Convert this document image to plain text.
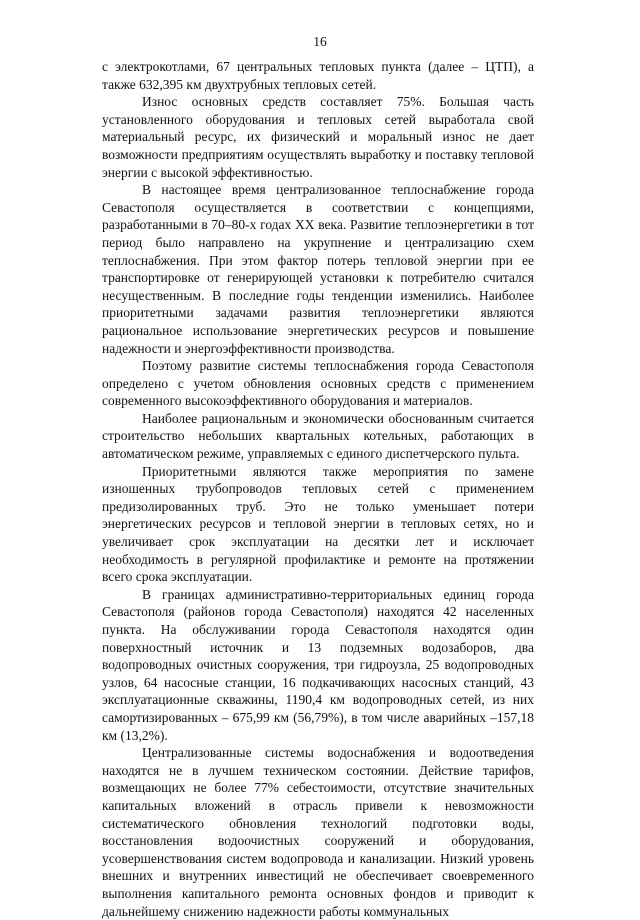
16

с электрокотлами, 67 центральных тепловых пункта (далее – ЦТП), а также 632,395 км двухтрубных тепловых сетей.

Износ основных средств составляет 75%. Большая часть установленного оборудования и тепловых сетей выработала свой материальный ресурс, их физический и моральный износ не дает возможности предприятиям осуществлять выработку и поставку тепловой энергии с высокой эффективностью.

В настоящее время централизованное теплоснабжение города Севастополя осуществляется в соответствии с концепциями, разработанными в 70–80-х годах XX века. Развитие теплоэнергетики в тот период было направлено на укрупнение и централизацию схем теплоснабжения. При этом фактор потерь тепловой энергии при ее транспортировке от генерирующей установки к потребителю считался несущественным. В последние годы тенденции изменились. Наиболее приоритетными задачами развития теплоэнергетики являются рациональное использование энергетических ресурсов и повышение надежности и энергоэффективности производства.

Поэтому развитие системы теплоснабжения города Севастополя определено с учетом обновления основных средств с применением современного высокоэффективного оборудования и материалов.

Наиболее рациональным и экономически обоснованным считается строительство небольших квартальных котельных, работающих в автоматическом режиме, управляемых с единого диспетчерского пульта.

Приоритетными являются также мероприятия по замене изношенных трубопроводов тепловых сетей с применением предизолированных труб. Это не только уменьшает потери энергетических ресурсов и тепловой энергии в тепловых сетях, но и увеличивает срок эксплуатации на десятки лет и исключает необходимость в регулярной профилактике и ремонте на протяжении всего срока эксплуатации.

В границах административно-территориальных единиц города Севастополя (районов города Севастополя) находятся 42 населенных пункта. На обслуживании города Севастополя находятся один поверхностный источник и 13 подземных водозаборов, два водопроводных очистных сооружения, три гидроузла, 25 водопроводных узлов, 64 насосные станции, 16 подкачивающих насосных станций, 43 эксплуатационные скважины, 1190,4 км водопроводных сетей, из них самортизированных – 675,99 км (56,79%), в том числе аварийных –157,18 км (13,2%).

Централизованные системы водоснабжения и водоотведения находятся не в лучшем техническом состоянии. Действие тарифов, возмещающих не более 77% себестоимости, отсутствие значительных капитальных вложений в отрасль привели к невозможности систематического обновления технологий подготовки воды, восстановления водоочистных сооружений и оборудования, усовершенствования систем водопровода и канализации. Низкий уровень внешних и внутренних инвестиций не обеспечивает своевременного выполнения капитального ремонта основных фондов и приводит к дальнейшему снижению надежности работы коммунальных
